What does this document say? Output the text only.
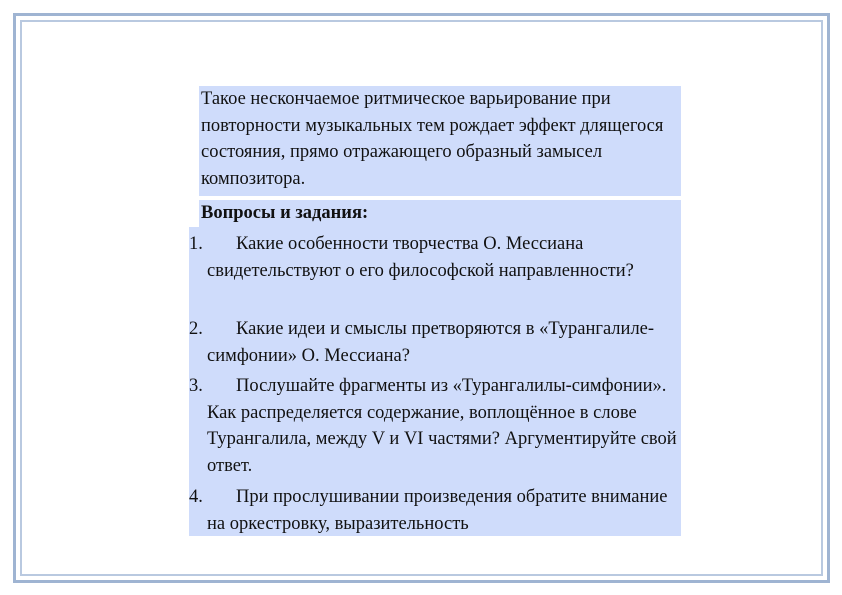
Такое нескончаемое ритмическое варьирование при повторности музыкальных тем рождает эффект длящегося состояния, прямо отражающего образный замысел композитора.

Вопросы и задания:
1.	Какие особенности творчества О. Мессиана свидетельствуют о его философской направленности?
2.	Какие идеи и смыслы претворяются в «Турангалиле-симфонии» О. Мессиана?
3.	Послушайте фрагменты из «Турангалилы-симфонии». Как распределяется содержание, воплощённое в слове Турангалила, между V и VI частями? Аргументируйте свой ответ.
4.	При прослушивании произведения обратите внимание на оркестровку, выразительность
